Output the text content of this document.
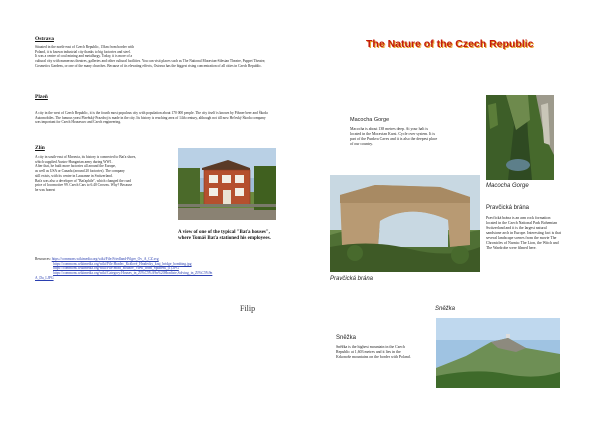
Ostrava
Situated in the north-east of Czech Republic, 15km from border with
Poland, it is known industrial city thanks to big factories and steel.
It was a centre of coal mining and metallurgy. Today, it is more of a
cultural city with numerous theatres, galleries and other cultural facilities. You can visit places such as The National Moravian-Silesian Theatre, Puppet Theatre, Cosmetics Gardens, or one of the many churches. Because of its elevating effects, Ostrava has the biggest rising concentration of all cities in Czech Republic.
Plzeň
A city in the west of Czech Republic, it is the fourth most populous city with population about 170 000 people. The city itself is known by Pilsner beer and Škoda Automobiles. The famous yeast Plzeňský Prazdroj is made in the city. Its history is reaching area of 14th century, although not till now Hrčeský Škoda company was important for Czech Houseswo and Czech engineering.
Zlín
A city in south-east of Moravia, its history is connected to Baťa shoes,
which supplied Austro-Hungarian army during WW1.
After that, he built more factories all around the Europe,
as well as USA or Canada (around 20 factories). The company
still exists, with its centre in Lausanne in Switzerland.
Baťa was also a developer of "Baťaphile", which changed the road
price of locomotive 99. Czech Cars to 6.40 Crowns. Why? Because
he was honest
A view of one of the typical "Baťa houses", where Tomáš Baťa stationed his employees.
Resources: https://commons.wikimedia.org/wiki/File:Friedland-Pilger_Ov_A_CZ.svg
https://commons.wikimedia.org/wiki/File:Hradec_Králové_Hradecky_kraj_bridge_bombing.jpg
https://commons.wikimedia.org/wiki/File:Hrad_Bouzov_View_from_Spilberk_(1).JPG
https://commons.wikimedia.org/wiki/Category:Houses_in_ZI%C5%A9n%20Hradiste,Solving_in_ZI%C5%9n
A_Da_LJPG
Filip
The Nature of the Czech Republic
Macocha Gorge
Macocha is about 138 metres deep. At your halt is located in the Moravian Karst. Cycle over system. It is part of the Punkva Caves and it is also the deepest place of our country.
Macocha Gorge
Pravčická brána
Pravčická brána
Pravčická brána is an arm rock formation located in the Czech National Park Bohemian Switzerland and it is the largest natural sandstone arch in Europe. Interesting fact is that several landscape scenes from the movie The Chronicles of Narnia: The Lion, the Witch and The Wardrobe were filmed here.
Sněžka
Sněžka
Sněžka is the highest mountain in the Czech Republic at 1,603 metres and it lies in the Krkonoše mountains on the border with Poland.
